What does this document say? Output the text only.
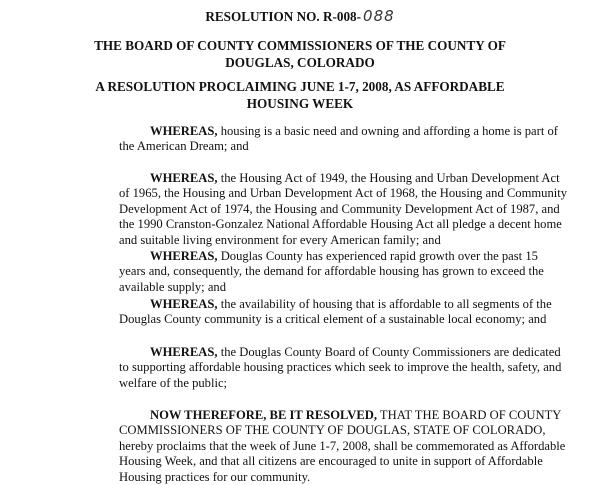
RESOLUTION NO. R-008- 088
THE BOARD OF COUNTY COMMISSIONERS OF THE COUNTY OF
DOUGLAS, COLORADO
A RESOLUTION PROCLAIMING JUNE 1-7, 2008, AS AFFORDABLE
HOUSING WEEK
WHEREAS, housing is a basic need and owning and affording a home is part of
the American Dream; and
WHEREAS, the Housing Act of 1949, the Housing and Urban Development Act
of 1965, the Housing and Urban Development Act of 1968, the Housing and Community
Development Act of 1974, the Housing and Community Development Act of 1987, and
the 1990 Cranston-Gonzalez National Affordable Housing Act all pledge a decent home
and suitable living environment for every American family; and
WHEREAS, Douglas County has experienced rapid growth over the past 15
years and, consequently, the demand for affordable housing has grown to exceed the
available supply; and
WHEREAS, the availability of housing that is affordable to all segments of the
Douglas County community is a critical element of a sustainable local economy; and
WHEREAS, the Douglas County Board of County Commissioners are dedicated
to supporting affordable housing practices which seek to improve the health, safety, and
welfare of the public;
NOW THEREFORE, BE IT RESOLVED, THAT THE BOARD OF COUNTY
COMMISSIONERS OF THE COUNTY OF DOUGLAS, STATE OF COLORADO,
hereby proclaims that the week of June 1-7, 2008, shall be commemorated as Affordable
Housing Week, and that all citizens are encouraged to unite in support of Affordable
Housing practices for our community.
